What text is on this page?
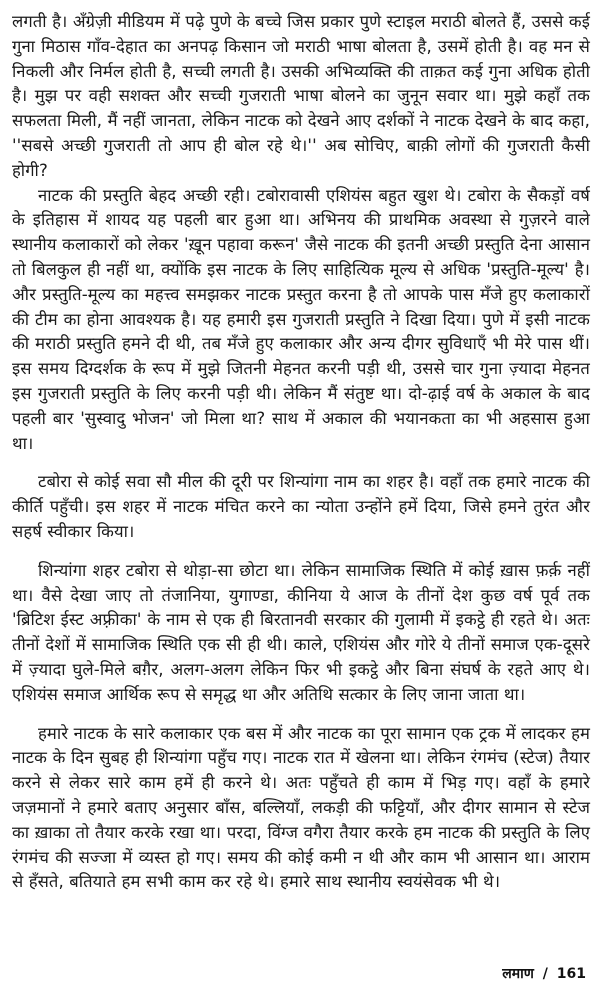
लगती है। अँग्रेज़ी मीडियम में पढ़े पुणे के बच्चे जिस प्रकार पुणे स्टाइल मराठी बोलते हैं, उससे कई गुना मिठास गाँव-देहात का अनपढ़ किसान जो मराठी भाषा बोलता है, उसमें होती है। वह मन से निकली और निर्मल होती है, सच्ची लगती है। उसकी अभिव्यक्ति की ताक़त कई गुना अधिक होती है। मुझ पर वही सशक्त और सच्ची गुजराती भाषा बोलने का जुनून सवार था। मुझे कहाँ तक सफलता मिली, मैं नहीं जानता, लेकिन नाटक को देखने आए दर्शकों ने नाटक देखने के बाद कहा, ''सबसे अच्छी गुजराती तो आप ही बोल रहे थे।'' अब सोचिए, बाक़ी लोगों की गुजराती कैसी होगी?

नाटक की प्रस्तुति बेहद अच्छी रही। टबोरावासी एशियंस बहुत खुश थे। टबोरा के सैकड़ों वर्ष के इतिहास में शायद यह पहली बार हुआ था। अभिनय की प्राथमिक अवस्था से गुज़रने वाले स्थानीय कलाकारों को लेकर 'ख़ून पहावा करून' जैसे नाटक की इतनी अच्छी प्रस्तुति देना आसान तो बिलकुल ही नहीं था, क्योंकि इस नाटक के लिए साहित्यिक मूल्य से अधिक 'प्रस्तुति-मूल्य' है। और प्रस्तुति-मूल्य का महत्त्व समझकर नाटक प्रस्तुत करना है तो आपके पास मँजे हुए कलाकारों की टीम का होना आवश्यक है। यह हमारी इस गुजराती प्रस्तुति ने दिखा दिया। पुणे में इसी नाटक की मराठी प्रस्तुति हमने दी थी, तब मँजे हुए कलाकार और अन्य दीगर सुविधाएँ भी मेरे पास थीं। इस समय दिग्दर्शक के रूप में मुझे जितनी मेहनत करनी पड़ी थी, उससे चार गुना ज़्यादा मेहनत इस गुजराती प्रस्तुति के लिए करनी पड़ी थी। लेकिन मैं संतुष्ट था। दो-ढ़ाई वर्ष के अकाल के बाद पहली बार 'सुस्वादु भोजन' जो मिला था? साथ में अकाल की भयानकता का भी अहसास हुआ था।

टबोरा से कोई सवा सौ मील की दूरी पर शिन्यांगा नाम का शहर है। वहाँ तक हमारे नाटक की कीर्ति पहुँची। इस शहर में नाटक मंचित करने का न्योता उन्होंने हमें दिया, जिसे हमने तुरंत और सहर्ष स्वीकार किया।

शिन्यांगा शहर टबोरा से थोड़ा-सा छोटा था। लेकिन सामाजिक स्थिति में कोई ख़ास फ़र्क़ नहीं था। वैसे देखा जाए तो तंजानिया, युगाण्डा, कीनिया ये आज के तीनों देश कुछ वर्ष पूर्व तक 'ब्रिटिश ईस्ट अफ़्रीका' के नाम से एक ही बिरतानवी सरकार की गुलामी में इकट्ठे ही रहते थे। अतः तीनों देशों में सामाजिक स्थिति एक सी ही थी। काले, एशियंस और गोरे ये तीनों समाज एक-दूसरे में ज़्यादा घुले-मिले बग़ैर, अलग-अलग लेकिन फिर भी इकट्ठे और बिना संघर्ष के रहते आए थे। एशियंस समाज आर्थिक रूप से समृद्ध था और अतिथि सत्कार के लिए जाना जाता था।

हमारे नाटक के सारे कलाकार एक बस में और नाटक का पूरा सामान एक ट्रक में लादकर हम नाटक के दिन सुबह ही शिन्यांगा पहुँच गए। नाटक रात में खेलना था। लेकिन रंगमंच (स्टेज) तैयार करने से लेकर सारे काम हमें ही करने थे। अतः पहुँचते ही काम में भिड़ गए। वहाँ के हमारे जज़मानों ने हमारे बताए अनुसार बाँस, बल्लियाँ, लकड़ी की फट्टियाँ, और दीगर सामान से स्टेज का ख़ाका तो तैयार करके रखा था। परदा, विंग्ज वगैरा तैयार करके हम नाटक की प्रस्तुति के लिए रंगमंच की सज्जा में व्यस्त हो गए। समय की कोई कमी न थी और काम भी आसान था। आराम से हँसते, बतियाते हम सभी काम कर रहे थे। हमारे साथ स्थानीय स्वयंसेवक भी थे।

लमाण / 161
